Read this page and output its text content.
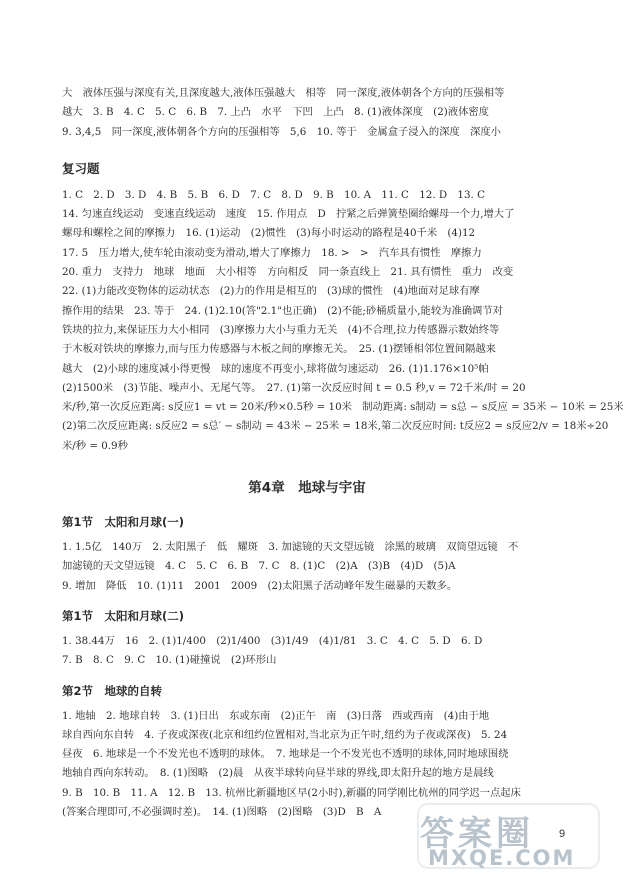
大　液体压强与深度有关,且深度越大,液体压强越大　相等　同一深度,液体朝各个方向的压强相等

越大　3. B　4. C　5. C　6. B　7. 上凸　水平　下凹　上凸　8. (1)液体深度　(2)液体密度

9. 3,4,5　同一深度,液体朝各个方向的压强相等　5,6　10. 等于　金属盒子浸入的深度　深度小

复习题

1. C　2. D　3. D　4. B　5. B　6. D　7. C　8. D　9. B　10. A　11. C　12. D　13. C

14. 匀速直线运动　变速直线运动　速度　15. 作用点　D　拧紧之后弹簧垫圈给螺母一个力,增大了

螺母和螺栓之间的摩擦力　16. (1)运动　(2)惯性　(3)每小时运动的路程是40千米　(4)12

17. 5　压力增大,使车轮由滚动变为滑动,增大了摩擦力　18. >　>　汽车具有惯性　摩擦力

20. 重力　支持力　地球　地面　大小相等　方向相反　同一条直线上　21. 具有惯性　重力　改变

22. (1)力能改变物体的运动状态　(2)力的作用是相互的　(3)球的惯性　(4)地面对足球有摩

擦作用的结果　23. 等于　24. (1)2.10(答"2.1"也正确)　(2)不能;砂桶质量小,能较为准确调节对

铁块的拉力,来保证压力大小相同　(3)摩擦力大小与重力无关　(4)不合理,拉力传感器示数始终等

于木板对铁块的摩擦力,而与压力传感器与木板之间的摩擦无关。　25. (1)摆锤相邻位置间隔越来

越大　(2)小球的速度减小得更慢　球的速度不再变小,球将做匀速运动　26. (1)1.176×10⁵帕

(2)1500米　(3)节能、噪声小、无尾气等。　27. (1)第一次反应时间 t = 0.5 秒,v = 72千米/时 = 20

米/秒,第一次反应距离: s反应1 = vt = 20米/秒×0.5秒 = 10米　制动距离: s制动 = s总 − s反应 = 35米 − 10米 = 25米

(2)第二次反应距离: s反应2 = s总′ − s制动 = 43米 − 25米 = 18米,第二次反应时间: t反应2 = s反应2/v = 18米÷20

米/秒 = 0.9秒

第4章　地球与宇宙
第1节　太阳和月球(一)

1. 1.5亿　140万　2. 太阳黑子　低　耀斑　3. 加滤镜的天文望远镜　涂黑的玻璃　双筒望远镜　不

加滤镜的天文望远镜　4. C　5. C　6. B　7. C　8. (1)C　(2)A　(3)B　(4)D　(5)A

9. 增加　降低　10. (1)11　2001　2009　(2)太阳黑子活动峰年发生磁暴的天数多。

第1节　太阳和月球(二)

1. 38.44万　16　2. (1)1/400　(2)1/400　(3)1/49　(4)1/81　3. C　4. C　5. D　6. D

7. B　8. C　9. C　10. (1)碰撞说　(2)环形山

第2节　地球的自转

1. 地轴　2. 地球自转　3. (1)日出　东或东南　(2)正午　南　(3)日落　西或西南　(4)由于地

球自西向东自转　4. 子夜或深夜(北京和纽约位置相对,当北京为正午时,纽约为子夜或深夜)　5. 24

昼夜　6. 地球是一个不发光也不透明的球体。　7. 地球是一个不发光也不透明的球体,同时地球围绕

地轴自西向东转动。　8. (1)图略　(2)晨　从夜半球转向昼半球的界线,即太阳升起的地方是晨线

9. B　10. B　11. A　12. B　13. 杭州比新疆地区早(2小时),新疆的同学刚比杭州的同学迟一点起床

(答案合理即可,不必强调时差)。　14. (1)图略　(2)图略　(3)D　B　A

答案圈
MXQE.COM
9
